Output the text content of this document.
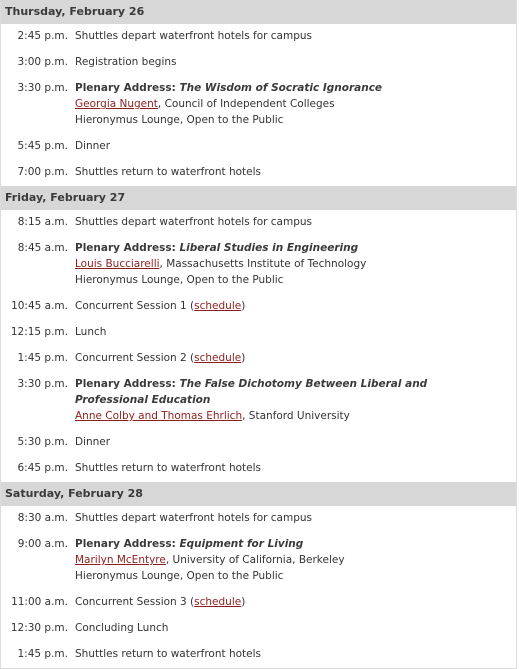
Thursday, February 26
2:45 p.m. Shuttles depart waterfront hotels for campus
3:00 p.m. Registration begins
3:30 p.m. Plenary Address: The Wisdom of Socratic Ignorance
Georgia Nugent, Council of Independent Colleges
Hieronymus Lounge, Open to the Public
5:45 p.m. Dinner
7:00 p.m. Shuttles return to waterfront hotels
Friday, February 27
8:15 a.m. Shuttles depart waterfront hotels for campus
8:45 a.m. Plenary Address: Liberal Studies in Engineering
Louis Bucciarelli, Massachusetts Institute of Technology
Hieronymus Lounge, Open to the Public
10:45 a.m. Concurrent Session 1 (schedule)
12:15 p.m. Lunch
1:45 p.m. Concurrent Session 2 (schedule)
3:30 p.m. Plenary Address: The False Dichotomy Between Liberal and Professional Education
Anne Colby and Thomas Ehrlich, Stanford University
5:30 p.m. Dinner
6:45 p.m. Shuttles return to waterfront hotels
Saturday, February 28
8:30 a.m. Shuttles depart waterfront hotels for campus
9:00 a.m. Plenary Address: Equipment for Living
Marilyn McEntyre, University of California, Berkeley
Hieronymus Lounge, Open to the Public
11:00 a.m. Concurrent Session 3 (schedule)
12:30 p.m. Concluding Lunch
1:45 p.m. Shuttles return to waterfront hotels
